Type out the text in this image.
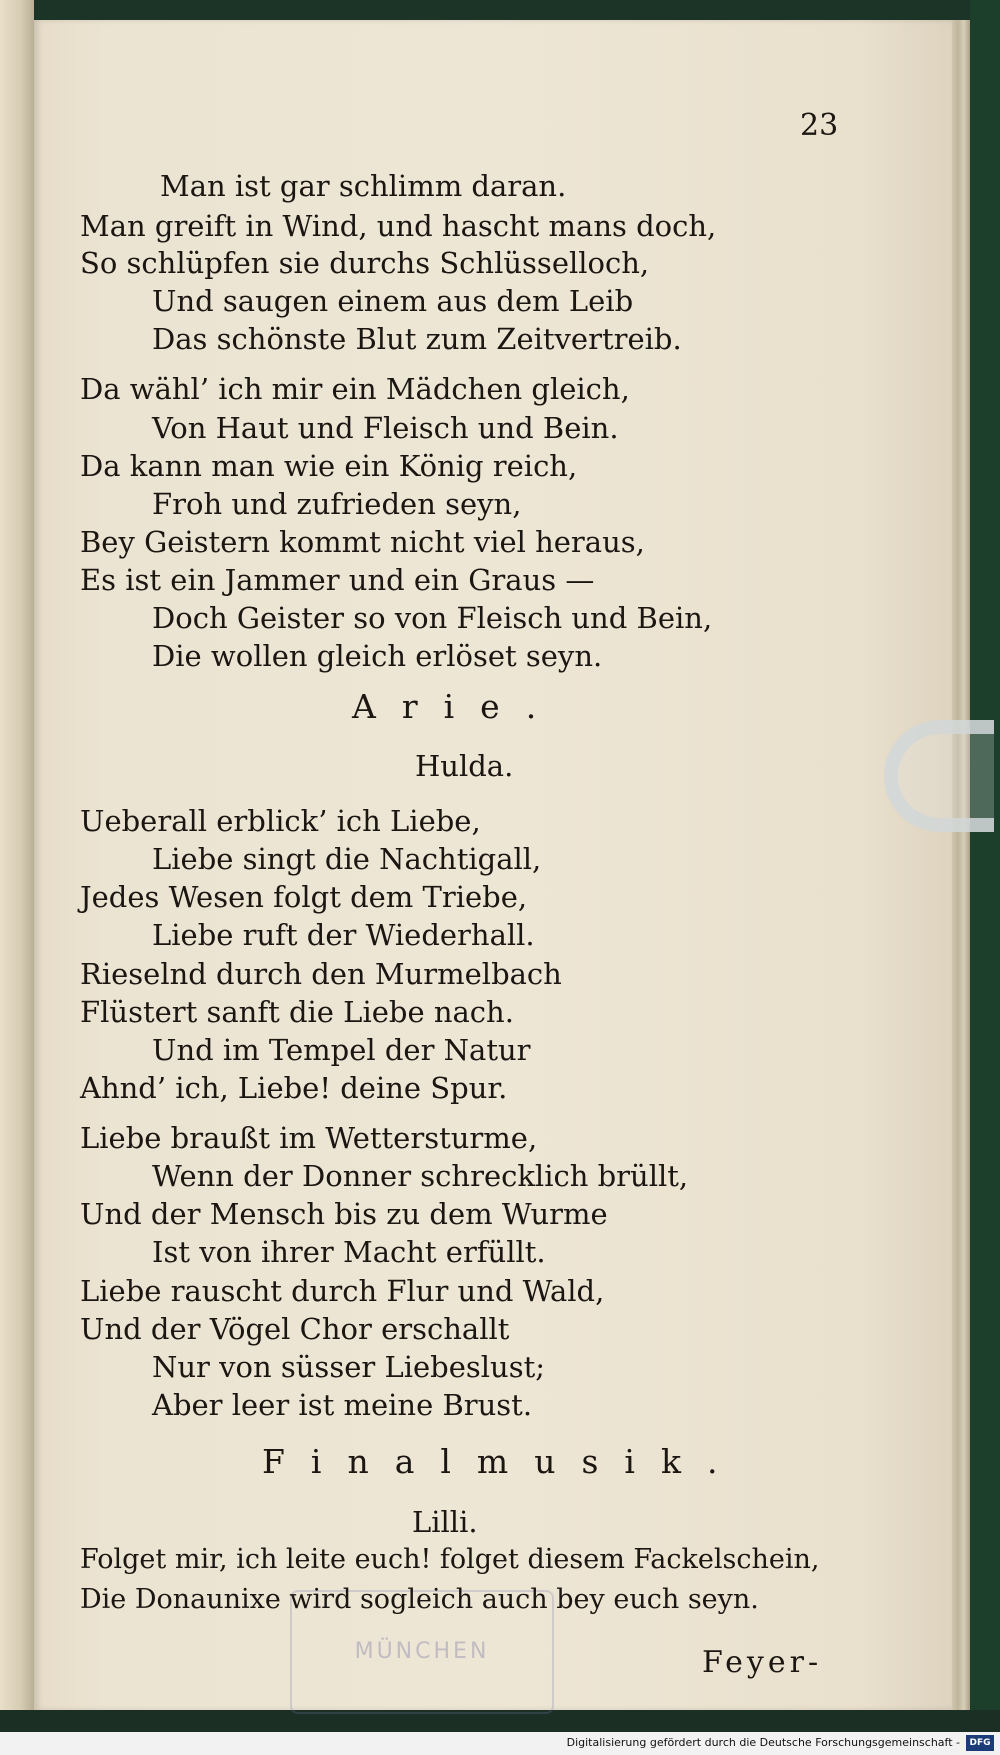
MÜNCHEN
23
Man ist gar schlimm daran.
Man greift in Wind, und hascht mans doch,
So schlüpfen sie durchs Schlüsselloch,
Und saugen einem aus dem Leib
Das schönste Blut zum Zeitvertreib.
Da wähl’ ich mir ein Mädchen gleich,
Von Haut und Fleisch und Bein.
Da kann man wie ein König reich,
Froh und zufrieden seyn,
Bey Geistern kommt nicht viel heraus,
Es ist ein Jammer und ein Graus —
Doch Geister so von Fleisch und Bein,
Die wollen gleich erlöset seyn.
Arie.
Hulda.
Ueberall erblick’ ich Liebe,
Liebe singt die Nachtigall,
Jedes Wesen folgt dem Triebe,
Liebe ruft der Wiederhall.
Rieselnd durch den Murmelbach
Flüstert sanft die Liebe nach.
Und im Tempel der Natur
Ahnd’ ich, Liebe! deine Spur.
Liebe braußt im Wettersturme,
Wenn der Donner schrecklich brüllt,
Und der Mensch bis zu dem Wurme
Ist von ihrer Macht erfüllt.
Liebe rauscht durch Flur und Wald,
Und der Vögel Chor erschallt
Nur von süsser Liebeslust;
Aber leer ist meine Brust.
Finalmusik.
Lilli.
Folget mir, ich leite euch! folget diesem Fackelschein,
Die Donaunixe wird sogleich auch bey euch seyn.
Feyer-
Digitalisierung gefördert durch die Deutsche Forschungsgemeinschaft -	DFG
